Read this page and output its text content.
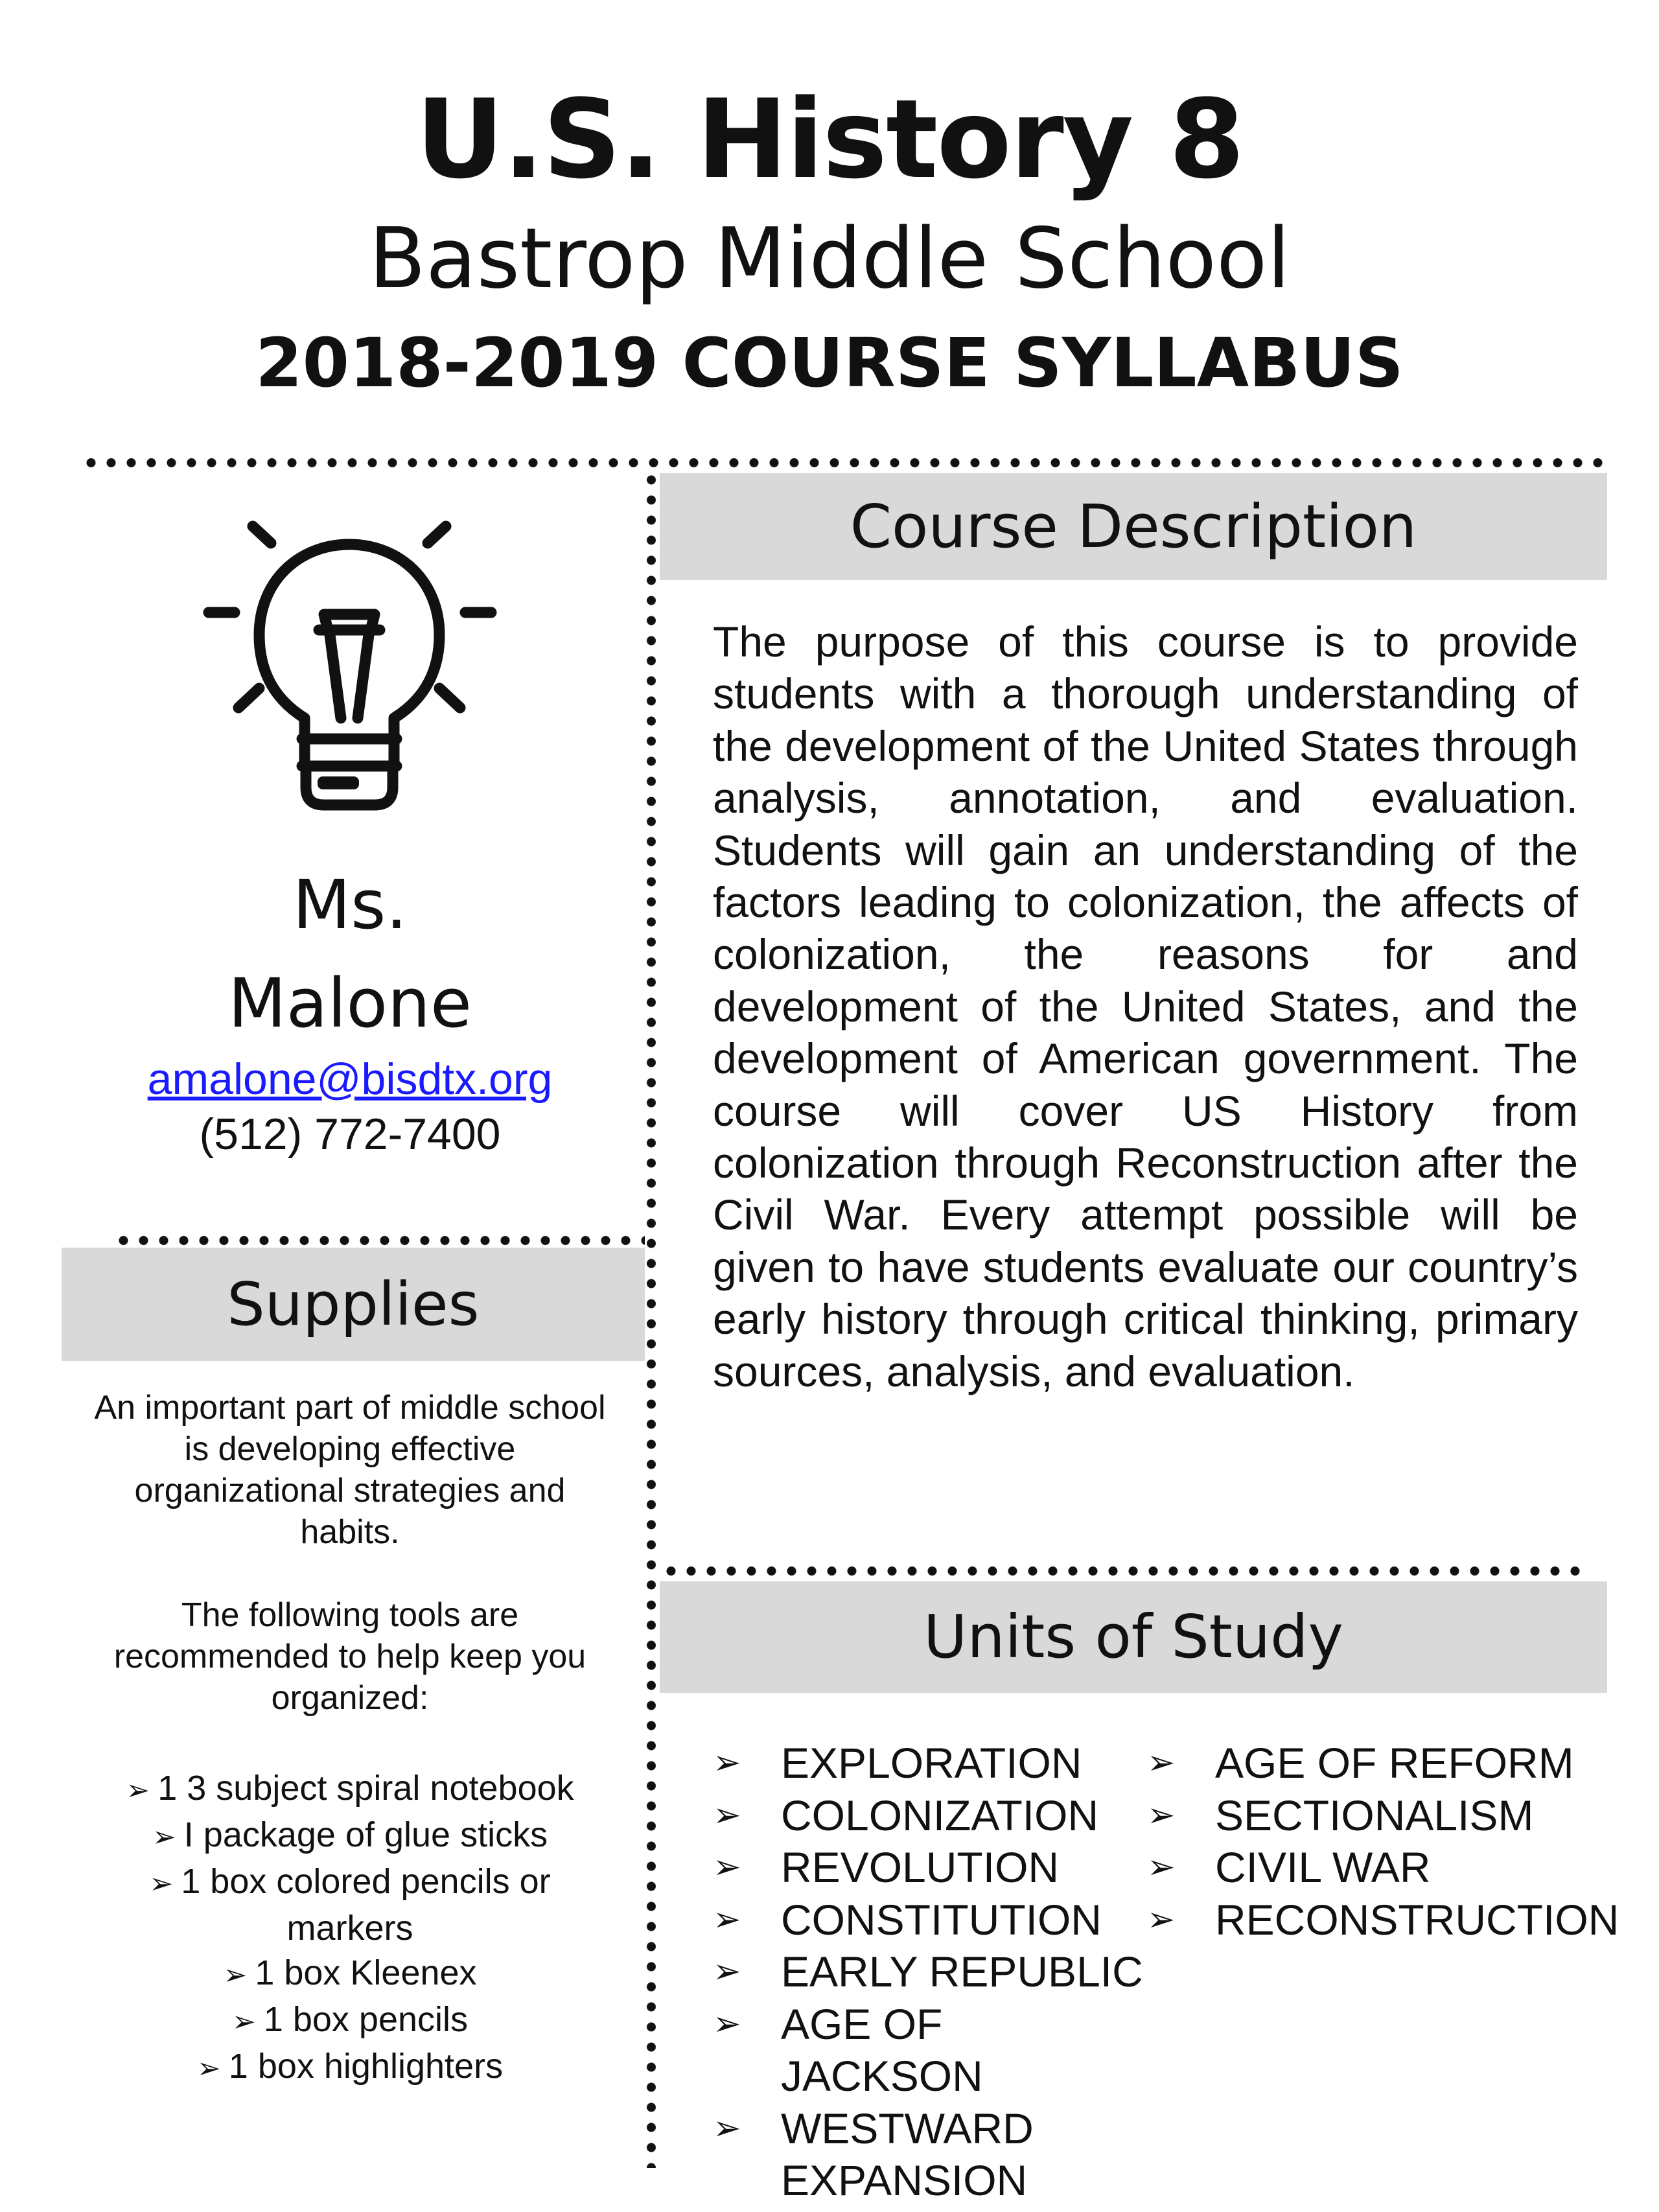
U.S. History 8
Bastrop Middle School
2018-2019 COURSE SYLLABUS
Ms.
Malone
amalone@bisdtx.org
(512) 772-7400
Supplies

An important part of middle school is developing effective organizational strategies and habits.

The following tools are recommended to help keep you organized:

➢ 1 3 subject spiral notebook
➢ I package of glue sticks
➢ 1 box colored pencils or markers
➢ 1 box Kleenex
➢ 1 box pencils
➢ 1 box highlighters
Course Description
The purpose of this course is to provide students with a thorough understanding of the development of the United States through analysis, annotation, and evaluation. Students will gain an understanding of the factors leading to colonization, the affects of colonization, the reasons for and development of the United States, and the development of American government. The course will cover US History from colonization through Reconstruction after the Civil War. Every attempt possible will be given to have students evaluate our country’s early history through critical thinking, primary sources, analysis, and evaluation.
Units of Study
➢ EXPLORATION
➢ COLONIZATION
➢ REVOLUTION
➢ CONSTITUTION
➢ EARLY REPUBLIC
➢ AGE OF JACKSON
➢ WESTWARD EXPANSION
➢ AGE OF REFORM
➢ SECTIONALISM
➢ CIVIL WAR
➢ RECONSTRUCTION
